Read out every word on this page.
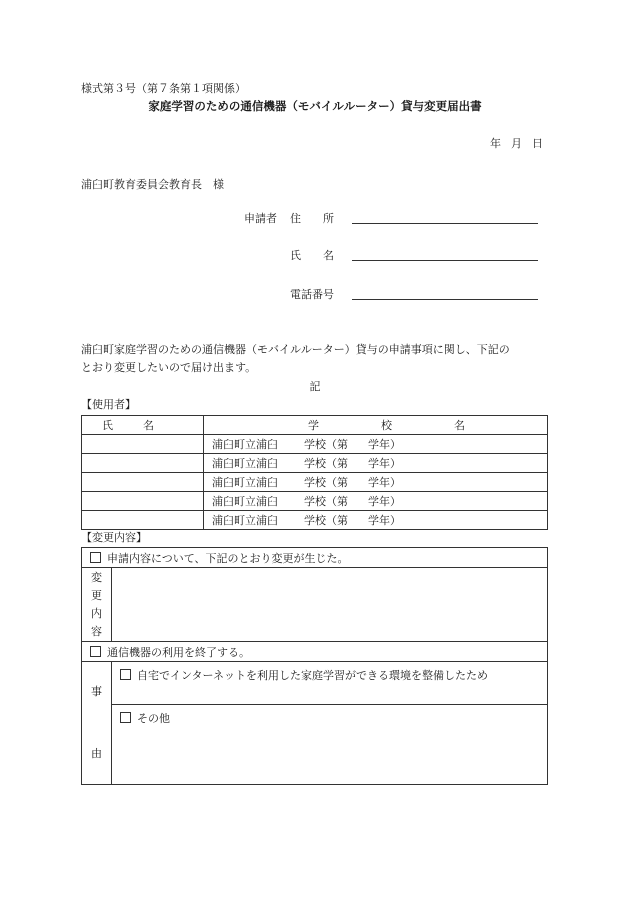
様式第３号（第７条第１項関係）
家庭学習のための通信機器（モバイルルーター）貸与変更届出書
年 月 日
浦臼町教育委員会教育長　様
申請者 住　　所
氏　　名
電話番号
浦臼町家庭学習のための通信機器（モバイルルーター）貸与の申請事項に関し、下記の
とおり変更したいので届け出ます。
記
【使用者】
氏 名	学 校 名
	浦臼町立浦臼 学校（第 学年）
	浦臼町立浦臼 学校（第 学年）
	浦臼町立浦臼 学校（第 学年）
	浦臼町立浦臼 学校（第 学年）
	浦臼町立浦臼 学校（第 学年）
【変更内容】
申請内容について、下記のとおり変更が生じた。	

変
更
内
容	

通信機器の利用を終了する。	

事
由	自宅でインターネットを利用した家庭学習ができる環境を整備したため
	その他
